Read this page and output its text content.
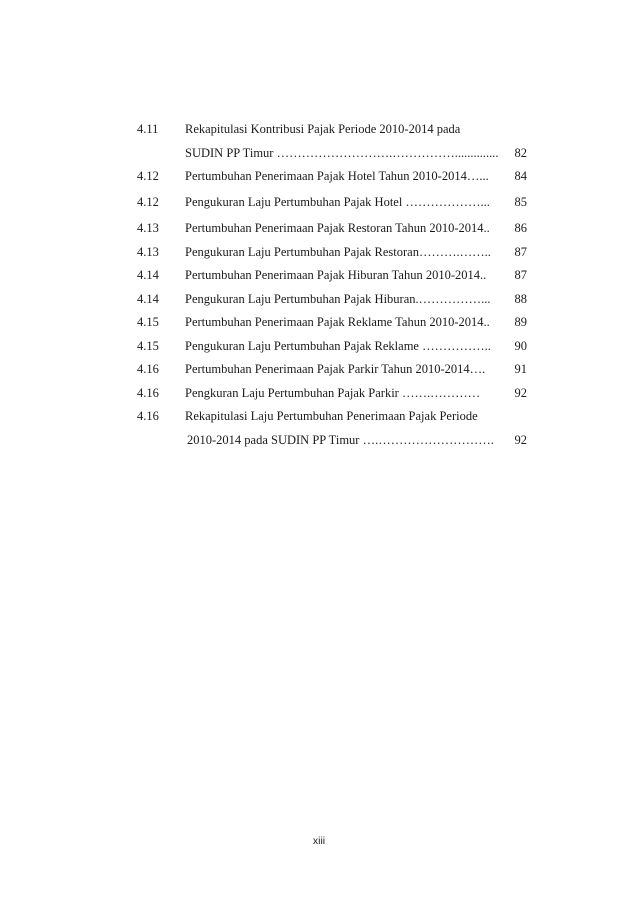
4.11 Rekapitulasi Kontribusi Pajak Periode 2010-2014 pada
SUDIN PP Timur ……………………….…………….............. 82
4.12 Pertumbuhan Penerimaan Pajak Hotel Tahun 2010-2014…... 84
4.12 Pengukuran Laju Pertumbuhan Pajak Hotel ………………... 85
4.13 Pertumbuhan Penerimaan Pajak Restoran Tahun 2010-2014.. 86
4.13 Pengukuran Laju Pertumbuhan Pajak Restoran……….…….. 87
4.14 Pertumbuhan Penerimaan Pajak Hiburan Tahun 2010-2014.. 87
4.14 Pengukuran Laju Pertumbuhan Pajak Hiburan.……………... 88
4.15 Pertumbuhan Penerimaan Pajak Reklame Tahun 2010-2014.. 89
4.15 Pengukuran Laju Pertumbuhan Pajak Reklame …………….. 90
4.16 Pertumbuhan Penerimaan Pajak Parkir Tahun 2010-2014…. 91
4.16 Pengkuran Laju Pertumbuhan Pajak Parkir …….…………	92
4.16 Rekapitulasi Laju Pertumbuhan Penerimaan Pajak Periode
2010-2014 pada SUDIN PP Timur ….………………………. 92
xiii
